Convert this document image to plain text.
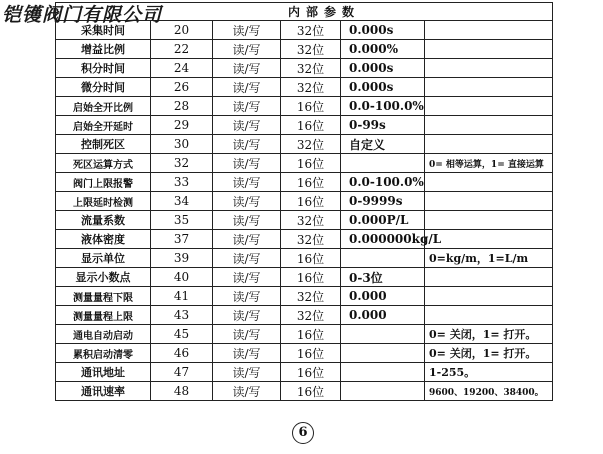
铠镬阀门有限公司	内部参数					
采集时间	20	读/写	32位	0.000s	
增益比例	22	读/写	32位	0.000%	
积分时间	24	读/写	32位	0.000s	
微分时间	26	读/写	32位	0.000s	
启始全开比例	28	读/写	16位	0.0-100.0%	
启始全开延时	29	读/写	16位	0-99s	
控制死区	30	读/写	32位	自定义	
死区运算方式	32	读/写	16位		0= 相等运算，1= 直接运算
阀门上限报警	33	读/写	16位	0.0-100.0%	
上限延时检测	34	读/写	16位	0-9999s	
流量系数	35	读/写	32位	0.000P/L	
液体密度	37	读/写	32位	0.000000kg/L	
显示单位	39	读/写	16位		0=kg/m，1=L/m
显示小数点	40	读/写	16位	0-3位	
测量量程下限	41	读/写	32位	0.000	
测量量程上限	43	读/写	32位	0.000	
通电自动启动	45	读/写	16位		0= 关闭，1= 打开。
累积启动清零	46	读/写	16位		0= 关闭，1= 打开。
通讯地址	47	读/写	16位		1-255。
通讯速率	48	读/写	16位		9600、19200、38400。
6
